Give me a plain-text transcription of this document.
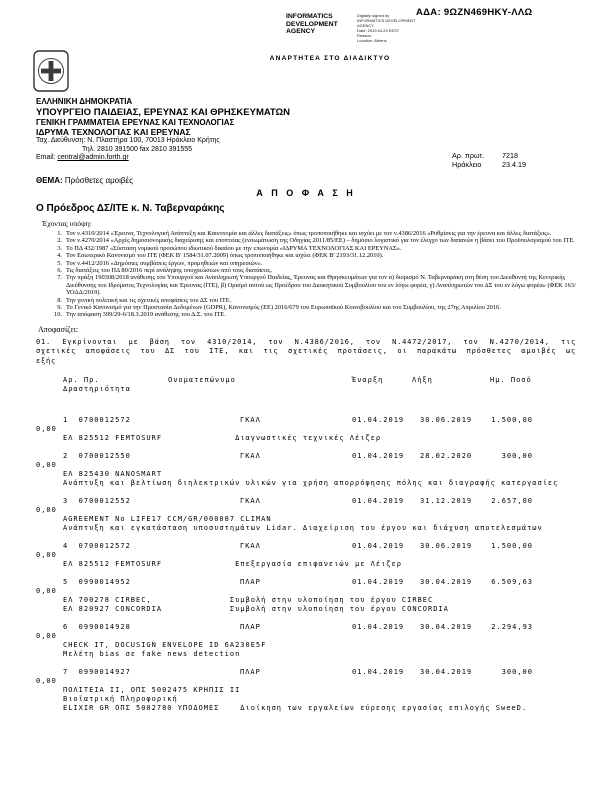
ΑΔΑ: 9ΩΖΝ469ΗΚΥ-ΛΛΩ
INFORMATICS DEVELOPMENT AGENCY
Digitally signed by
INFORMATICS DEVELOPMENT
AGENCY
Date: 2019.04.24 EEST
Reason:
Location: Athens
ΑΝΑΡΤΗΤΕΑ ΣΤΟ ΔΙΑΔΙΚΤΥΟ
ΕΛΛΗΝΙΚΗ ΔΗΜΟΚΡΑΤΙΑ
ΥΠΟΥΡΓΕΙΟ ΠΑΙΔΕΙΑΣ, ΕΡΕΥΝΑΣ ΚΑΙ ΘΡΗΣΚΕΥΜΑΤΩΝ
ΓΕΝΙΚΗ ΓΡΑΜΜΑΤΕΙΑ ΕΡΕΥΝΑΣ ΚΑΙ ΤΕΧΝΟΛΟΓΙΑΣ
ΙΔΡΥΜΑ ΤΕΧΝΟΛΟΓΙΑΣ ΚΑΙ ΕΡΕΥΝΑΣ
Ταχ. Διεύθυνση: Ν. Πλαστήρα 100, 70013 Ηράκλειο Κρήτης
Τηλ. 2810 391500 fax 2810 391555
Email: central@admin.forth.gr	Αρ. πρωτ. 7218
Ηράκλειο	23.4.19
ΘΕΜΑ: Πρόσθετες αμοιβές
Α Π Ο Φ Α Σ Η
Ο Πρόεδρος ΔΣ/ΙΤΕ κ. Ν. Ταβερναράκης
Έχοντας υπόψη:
1. Τον ν.4310/2014 «Έρευνα, Τεχνολογική Ανάπτυξη και Καινοτομία και άλλες διατάξεις» όπως τροποποιήθηκε και ισχύει με τον ν.4386/2016 «Ρυθμίσεις για την έρευνα και άλλες διατάξεις».
2. Τον ν.4270/2014 «Αρχές δημοσιονομικής διαχείρισης και εποπτείας (ενσωμάτωση της Οδηγίας 2011/85/ΕΕ) – δημόσιο λογιστικό για τον έλεγχο των δαπανών η βάσει του Προϋπολογισμού του ΙΤΕ.
3. Το ΠΔ 432/1987 «Σύσταση νομικού προσώπου ιδιωτικού δικαίου με την επωνυμία «ΙΔΡΥΜΑ ΤΕΧΝΟΛΟΓΙΑΣ ΚΑΙ ΕΡΕΥΝΑΣ».
4. Τον Εσωτερικό Κανονισμό του ΙΤΕ (ΦΕΚ Β' 1584/31.07.2009) όπως τροποποιήθηκε και ισχύει (ΦΕΚ Β' 2193/31.12.2010).
5. Τον ν.4412/2016 «Δημόσιες συμβάσεις έργων, προμηθειών και υπηρεσιών».
6. Τις διατάξεις του ΠΔ 80/2016 περί ανάληψης υποχρεώσεων από τους διατάκτες.
7. Την πράξη 190308/2018 ανάθεσης του Υπουργού και Αναπληρωτή Υπουργού Παιδείας, Έρευνας και Θρησκευμάτων για τον α) διορισμό Ν. Ταβερναράκη στη θέση του Διευθυντή της Κεντρικής Διεύθυνσης του Ιδρύματος Τεχνολογίας και Έρευνας (ΙΤΕ), β) Ορισμό αυτού ως Προέδρου του Διοικητικού Συμβουλίου του εν λόγω φορέα, γ) Αναπληρωτών του ΔΣ του εν λόγω φορέα» (ΦΕΚ 163/ΥΟΔΔ/2019).
8. Την γενική πολιτική και τις σχετικές αποφάσεις του ΔΣ του ΙΤΕ.
9. Το Γενικό Κανονισμό για την Προστασία Δεδομένων (GDPR), Κανονισμός (ΕΕ) 2016/679 του Ευρωπαϊκού Κοινοβουλίου και του Συμβουλίου, της 27ης Απριλίου 2016.
10. Την απόφαση 399/29-6/18.3.2019 ανάθεσης του Δ.Σ. του ΙΤΕ.
Αποφασίζει:
01. Εγκρίνονται με βάση τον 4310/2014, τον Ν.4386/2016, τον Ν.4472/2017, τον Ν.4270/2014, τις σχετικές αποφάσεις του ΔΣ του ΙΤΕ, και τις σχετικές προτάσεις, οι παρακάτω πρόσθετες αμοιβές ως εξής
Αρ. Πρ.	Ονοματεπώνυμο	Έναρξη	Λήξη	Ημ. Ποσό
Δραστηριότητα
1  0700012572	ΓΚΑΛ	01.04.2019	30.06.2019	1.500,00
0,00
ΕΛ 825512 FEMTOSURF              Διαγνωστικές τεχνικές Λέιζερ
2  0700012550	ΓΚΑΛ	01.04.2019	28.02.2020	300,00
0,00
ΕΛ 825430 NANOSMART
Ανάπτυξη και βελτίωση διηλεκτρικών υλικών για χρήση απορρόφησης πόλης και διαγραφής κατεργασίες
3  0700012552	ΓΚΑΛ	01.04.2019	31.12.2019	2.657,00
0,00
AGREEMENT No LIFE17 CCM/GR/000087 CLIMAN
Ανάπτυξη και εγκατάσταση υποσυστημάτων Lidar. Διαχείριση του έργου και διάχυση αποτελεσμάτων
4  0700012572	ΓΚΑΛ	01.04.2019	30.06.2019	1.500,00
0,00
ΕΛ 825512 FEMTOSURF              Επεξεργασία επιφανειών με Λέιζερ
5  0990014952	ΠΛΑΡ	01.04.2019	30.04.2019	6.509,63
0,00
ΕΛ 700278 CIRBEC,               Συμβολή στην υλοποίηση του έργου CIRBEC
ΕΛ 820927 CONCORDIA             Συμβολή στην υλοποίηση του έργου CONCORDIA
6  0990014928	ΠΛΑΡ	01.04.2019	30.04.2019	2.294,93
0,00
CHECK IT, DOCUSIGN ENVELOPE ID 6A230E5F
Μελέτη bias σε fake news detection
7  0990014927	ΠΛΑΡ	01.04.2019	30.04.2019	300,00
0,00
ΠΟΛΙΤΕΙΑ ΙΙ, ΟΠΣ 5002475 ΚΡΗΠΙΣ ΙΙ
Βιοϊατρική Πληροφορική
ELIXIR GR ΟΠΣ 5002780 ΥΠΟΔΟΜΕΣ    Διοίκηση των εργαλείων εύρεσης εργασίας επιλογής SweeD.
